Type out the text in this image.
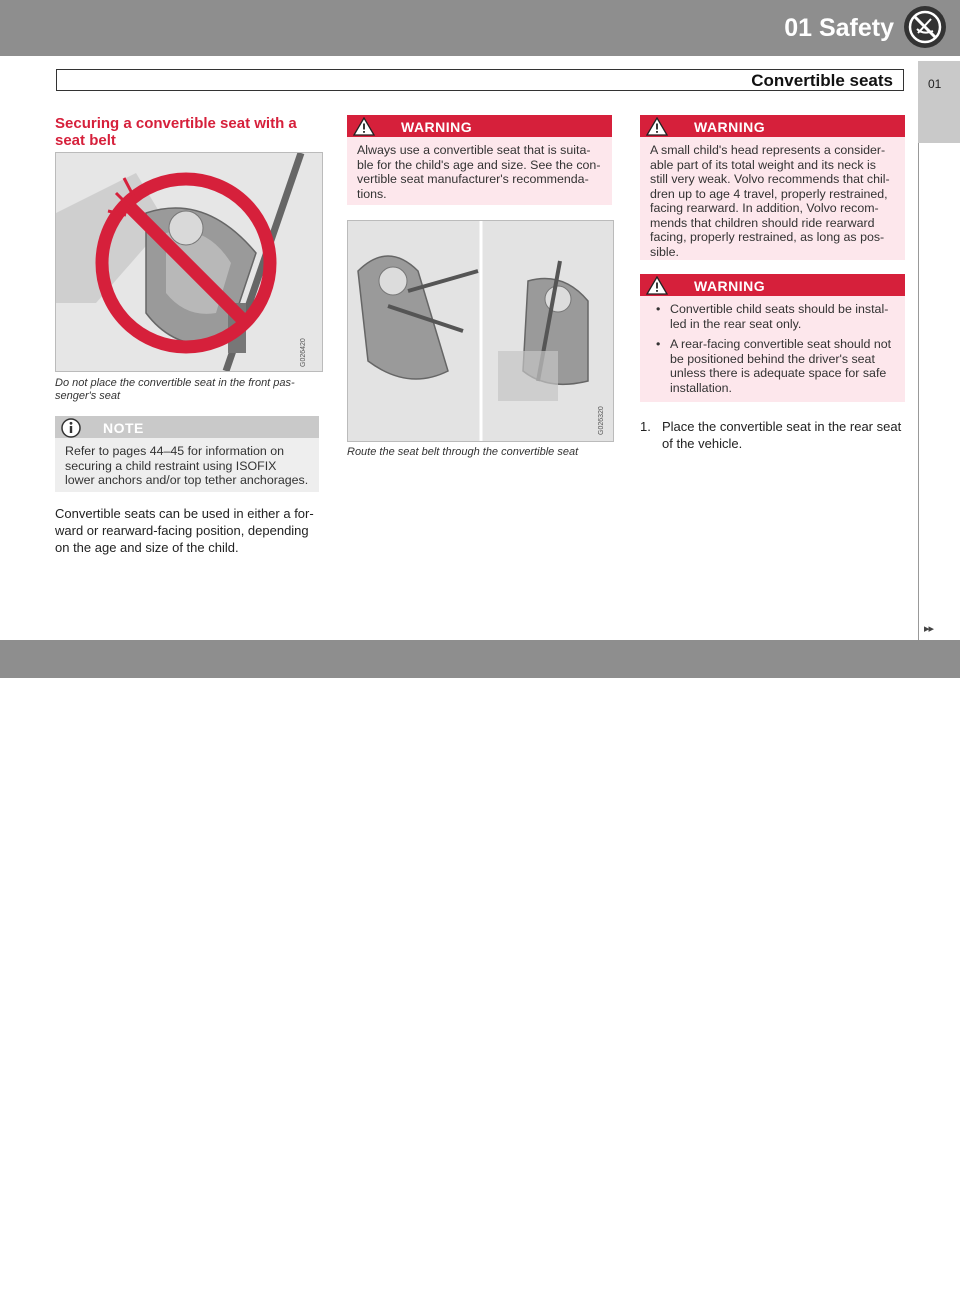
01 Safety
Convertible seats	01
Securing a convertible seat with a seat belt
G026420
Do not place the convertible seat in the front pas-senger's seat
NOTE
Refer to pages 44–45 for information on securing a child restraint using ISOFIX lower anchors and/or top tether anchorages.
Convertible seats can be used in either a for-ward or rearward-facing position, depending on the age and size of the child.
WARNING
Always use a convertible seat that is suita-ble for the child's age and size. See the con-vertible seat manufacturer's recommenda-tions.
G026320
Route the seat belt through the convertible seat
WARNING
A small child's head represents a consider-able part of its total weight and its neck is still very weak. Volvo recommends that chil-dren up to age 4 travel, properly restrained, facing rearward. In addition, Volvo recom-mends that children should ride rearward facing, properly restrained, as long as pos-sible.
WARNING
• Convertible child seats should be instal-led in the rear seat only.
• A rear-facing convertible seat should not be positioned behind the driver's seat unless there is adequate space for safe installation.
1. Place the convertible seat in the rear seat of the vehicle.
41
▸▸
